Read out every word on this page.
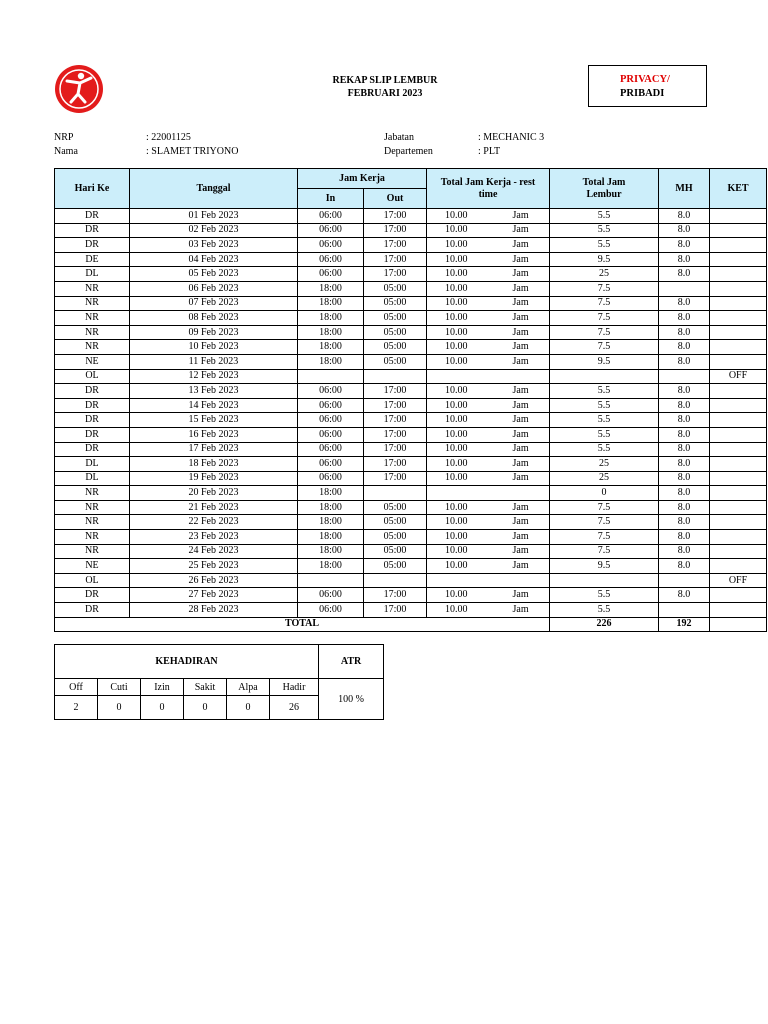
REKAP SLIP LEMBUR
FEBRUARI 2023
PRIVACY/
PRIBADI
NRP	: 22001125
Nama	: SLAMET TRIYONO
Jabatan	: MECHANIC 3
Departemen	: PLT
Hari Ke	Tanggal	Jam Kerja		Total Jam Kerja - rest time		Total Jam Lembur	MH	KET
		In	Out					
DR	01 Feb 2023	06:00	17:00	10.00	Jam	5.5	8.0	
DR	02 Feb 2023	06:00	17:00	10.00	Jam	5.5	8.0	
DR	03 Feb 2023	06:00	17:00	10.00	Jam	5.5	8.0	
DE	04 Feb 2023	06:00	17:00	10.00	Jam	9.5	8.0	
DL	05 Feb 2023	06:00	17:00	10.00	Jam	25	8.0	
NR	06 Feb 2023	18:00	05:00	10.00	Jam	7.5		
NR	07 Feb 2023	18:00	05:00	10.00	Jam	7.5	8.0	
NR	08 Feb 2023	18:00	05:00	10.00	Jam	7.5	8.0	
NR	09 Feb 2023	18:00	05:00	10.00	Jam	7.5	8.0	
NR	10 Feb 2023	18:00	05:00	10.00	Jam	7.5	8.0	
NE	11 Feb 2023	18:00	05:00	10.00	Jam	9.5	8.0	
OL	12 Feb 2023							OFF
DR	13 Feb 2023	06:00	17:00	10.00	Jam	5.5	8.0	
DR	14 Feb 2023	06:00	17:00	10.00	Jam	5.5	8.0	
DR	15 Feb 2023	06:00	17:00	10.00	Jam	5.5	8.0	
DR	16 Feb 2023	06:00	17:00	10.00	Jam	5.5	8.0	
DR	17 Feb 2023	06:00	17:00	10.00	Jam	5.5	8.0	
DL	18 Feb 2023	06:00	17:00	10.00	Jam	25	8.0	
DL	19 Feb 2023	06:00	17:00	10.00	Jam	25	8.0	
NR	20 Feb 2023	18:00				0	8.0	
NR	21 Feb 2023	18:00	05:00	10.00	Jam	7.5	8.0	
NR	22 Feb 2023	18:00	05:00	10.00	Jam	7.5	8.0	
NR	23 Feb 2023	18:00	05:00	10.00	Jam	7.5	8.0	
NR	24 Feb 2023	18:00	05:00	10.00	Jam	7.5	8.0	
NE	25 Feb 2023	18:00	05:00	10.00	Jam	9.5	8.0	
OL	26 Feb 2023							OFF
DR	27 Feb 2023	06:00	17:00	10.00	Jam	5.5	8.0	
DR	28 Feb 2023	06:00	17:00	10.00	Jam	5.5		
TOTAL						226	192	
KEHADIRAN						ATR
Off	Cuti	Izin	Sakit	Alpa	Hadir	100 %
2	0	0	0	0	26	
